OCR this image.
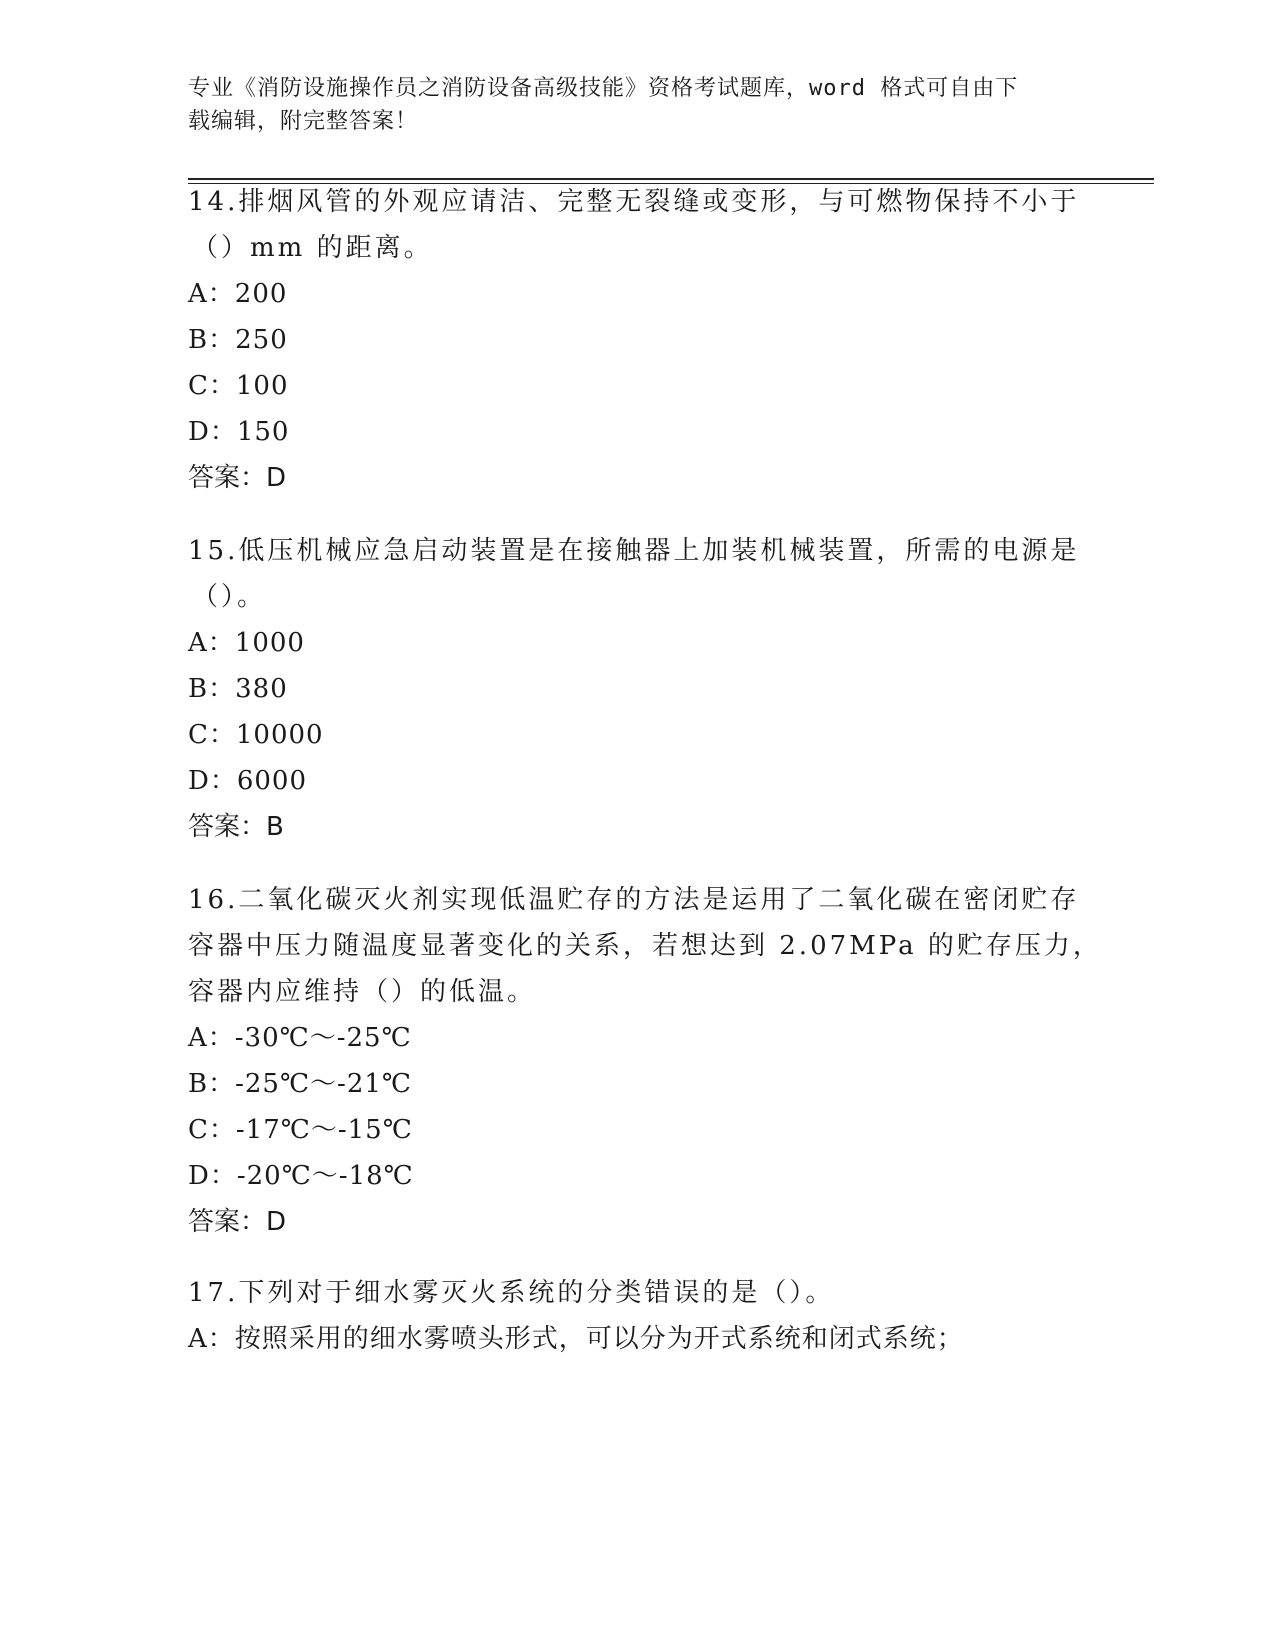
专业《消防设施操作员之消防设备高级技能》资格考试题库，word 格式可自由下
载编辑，附完整答案！
14.排烟风管的外观应请洁、完整无裂缝或变形，与可燃物保持不小于
（）mm 的距离。
A：200
B：250
C：100
D：150
答案：D
15.低压机械应急启动装置是在接触器上加装机械装置，所需的电源是
（）。
A：1000
B：380
C：10000
D：6000
答案：B
16.二氧化碳灭火剂实现低温贮存的方法是运用了二氧化碳在密闭贮存
容器中压力随温度显著变化的关系，若想达到 2.07MPa 的贮存压力，
容器内应维持（）的低温。
A：-30℃～-25℃
B：-25℃～-21℃
C：-17℃～-15℃
D：-20℃～-18℃
答案：D
17.下列对于细水雾灭火系统的分类错误的是（）。
A：按照采用的细水雾喷头形式，可以分为开式系统和闭式系统；
